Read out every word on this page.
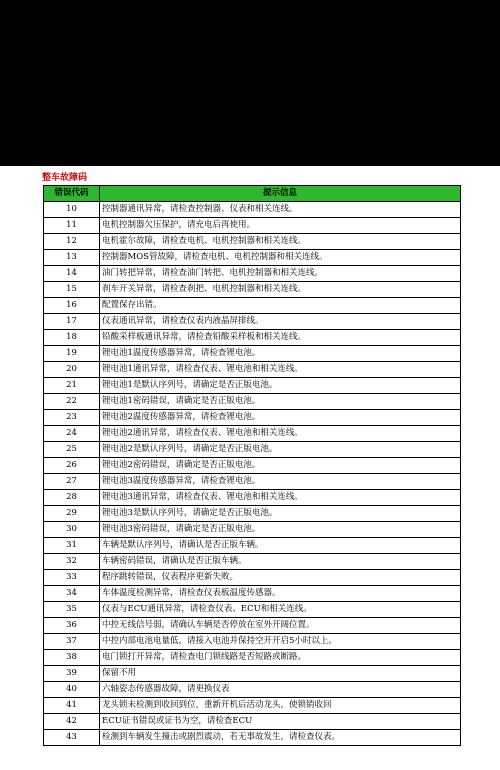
整车故障码
错误代码	提示信息
10	控制器通讯异常，请检查控制器、仪表和相关连线。
11	电机控制器欠压保护，请充电后再使用。
12	电机霍尔故障，请检查电机、电机控制器和相关连线。
13	控制器MOS管故障，请检查电机、电机控制器和相关连线。
14	油门转把异常，请检查油门转把、电机控制器和相关连线。
15	刹车开关异常，请检查刹把、电机控制器和相关连线。
16	配置保存出错。
17	仪表通讯异常，请检查仪表内液晶屏排线。
18	铅酸采样板通讯异常，请检查铅酸采样板和相关连线。
19	锂电池1温度传感器异常，请检查锂电池。
20	锂电池1通讯异常，请检查仪表、锂电池和相关连线。
21	锂电池1是默认序列号，请确定是否正版电池。
22	锂电池1密码错误，请确定是否正版电池。
23	锂电池2温度传感器异常，请检查锂电池。
24	锂电池2通讯异常，请检查仪表、锂电池和相关连线。
25	锂电池2是默认序列号，请确定是否正版电池。
26	锂电池2密码错误，请确定是否正版电池。
27	锂电池3温度传感器异常，请检查锂电池。
28	锂电池3通讯异常，请检查仪表、锂电池和相关连线。
29	锂电池3是默认序列号，请确定是否正版电池。
30	锂电池3密码错误，请确定是否正版电池。
31	车辆是默认序列号，请确认是否正版车辆。
32	车辆密码错误，请确认是否正版车辆。
33	程序跳转错误，仪表程序更新失败。
34	车体温度检测异常，请检查仪表板温度传感器。
35	仪表与ECU通讯异常，请检查仪表、ECU和相关连线。
36	中控无线信号弱，请确认车辆是否停放在室外开阔位置。
37	中控内部电池电量低，请接入电池并保持空开开启5小时以上。
38	电门锁打开异常，请检查电门锁线路是否短路或断路。
39	保留不用
40	六轴姿态传感器故障，请更换仪表
41	龙头锁未检测到收回到位，重新开机后活动龙头，使锁销收回
42	ECU证书错误或证书为空，请检查ECU
43	检测到车辆发生撞击或剧烈震动，若无事故发生，请检查仪表。
